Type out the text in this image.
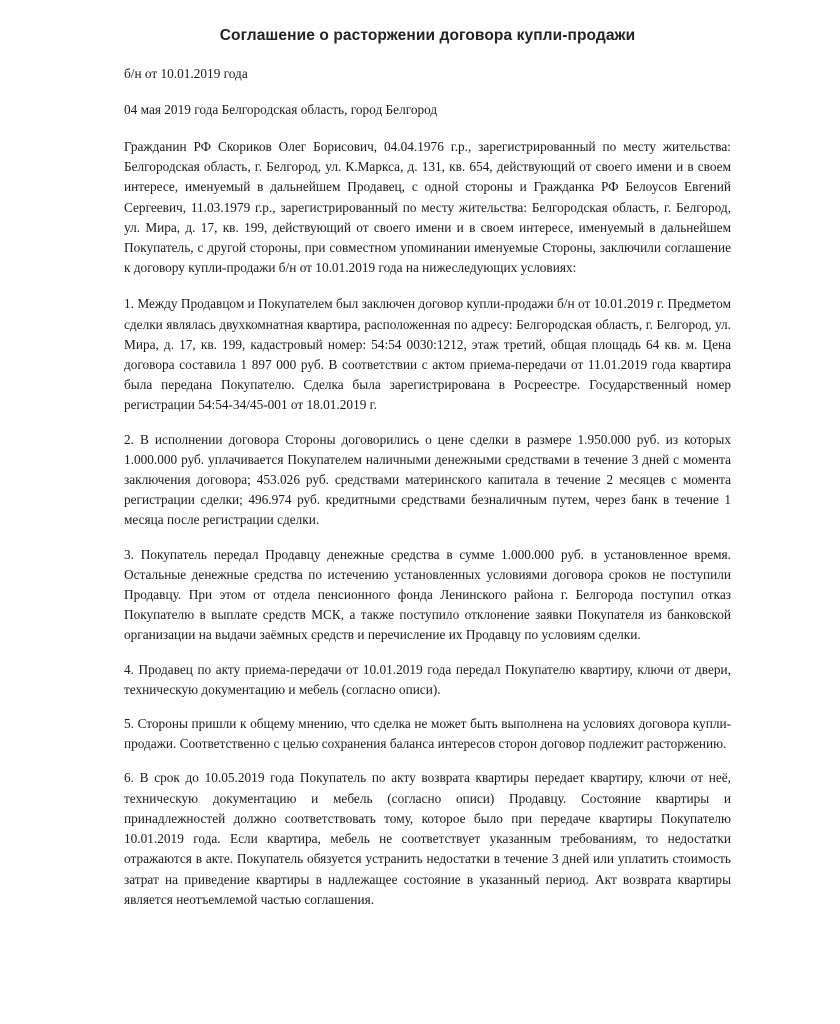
Соглашение о расторжении договора купли-продажи

б/н от 10.01.2019 года

04 мая 2019 года Белгородская область, город Белгород

Гражданин РФ Скориков Олег Борисович, 04.04.1976 г.р., зарегистрированный по месту жительства: Белгородская область, г. Белгород, ул. К.Маркса, д. 131, кв. 654, действующий от своего имени и в своем интересе, именуемый в дальнейшем Продавец, с одной стороны и Гражданка РФ Белоусов Евгений Сергеевич, 11.03.1979 г.р., зарегистрированный по месту жительства: Белгородская область, г. Белгород, ул. Мира, д. 17, кв. 199, действующий от своего имени и в своем интересе, именуемый в дальнейшем Покупатель, с другой стороны, при совместном упоминании именуемые Стороны, заключили соглашение к договору купли-продажи б/н от 10.01.2019 года на нижеследующих условиях:

1. Между Продавцом и Покупателем был заключен договор купли-продажи б/н от 10.01.2019 г. Предметом сделки являлась двухкомнатная квартира, расположенная по адресу: Белгородская область, г. Белгород, ул. Мира, д. 17, кв. 199, кадастровый номер: 54:54 0030:1212, этаж третий, общая площадь 64 кв. м. Цена договора составила 1 897 000 руб. В соответствии с актом приема-передачи от 11.01.2019 года квартира была передана Покупателю. Сделка была зарегистрирована в Росреестре. Государственный номер регистрации 54:54-34/45-001 от 18.01.2019 г.

2. В исполнении договора Стороны договорились о цене сделки в размере 1.950.000 руб. из которых 1.000.000 руб. уплачивается Покупателем наличными денежными средствами в течение 3 дней с момента заключения договора; 453.026 руб. средствами материнского капитала в течение 2 месяцев с момента регистрации сделки; 496.974 руб. кредитными средствами безналичным путем, через банк в течение 1 месяца после регистрации сделки.

3. Покупатель передал Продавцу денежные средства в сумме 1.000.000 руб. в установленное время. Остальные денежные средства по истечению установленных условиями договора сроков не поступили Продавцу. При этом от отдела пенсионного фонда Ленинского района г. Белгорода поступил отказ Покупателю в выплате средств МСК, а также поступило отклонение заявки Покупателя из банковской организации на выдачи заёмных средств и перечисление их Продавцу по условиям сделки.

4. Продавец по акту приема-передачи от 10.01.2019 года передал Покупателю квартиру, ключи от двери, техническую документацию и мебель (согласно описи).

5. Стороны пришли к общему мнению, что сделка не может быть выполнена на условиях договора купли-продажи. Соответственно с целью сохранения баланса интересов сторон договор подлежит расторжению.

6. В срок до 10.05.2019 года Покупатель по акту возврата квартиры передает квартиру, ключи от неё, техническую документацию и мебель (согласно описи) Продавцу. Состояние квартиры и принадлежностей должно соответствовать тому, которое было при передаче квартиры Покупателю 10.01.2019 года. Если квартира, мебель не соответствует указанным требованиям, то недостатки отражаются в акте. Покупатель обязуется устранить недостатки в течение 3 дней или уплатить стоимость затрат на приведение квартиры в надлежащее состояние в указанный период. Акт возврата квартиры является неотъемлемой частью соглашения.
